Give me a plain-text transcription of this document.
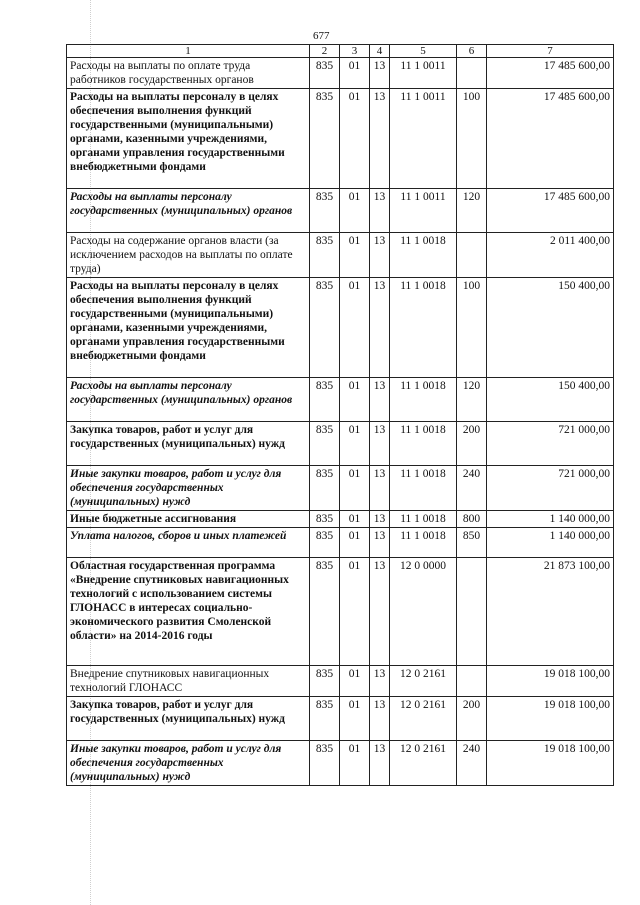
677
1	2	3	4	5	6	7
Расходы на выплаты по оплате труда работников государственных органов	835	01	13	11 1 0011		17 485 600,00
Расходы на выплаты персоналу в целях обеспечения выполнения функций государственными (муниципальными) органами, казенными учреждениями, органами управления государственными внебюджетными фондами	835	01	13	11 1 0011	100	17 485 600,00
Расходы на выплаты персоналу государственных (муниципальных) органов	835	01	13	11 1 0011	120	17 485 600,00
Расходы на содержание органов власти (за исключением расходов на выплаты по оплате труда)	835	01	13	11 1 0018		2 011 400,00
Расходы на выплаты персоналу в целях обеспечения выполнения функций государственными (муниципальными) органами, казенными учреждениями, органами управления государственными внебюджетными фондами	835	01	13	11 1 0018	100	150 400,00
Расходы на выплаты персоналу государственных (муниципальных) органов	835	01	13	11 1 0018	120	150 400,00
Закупка товаров, работ и услуг для государственных (муниципальных) нужд	835	01	13	11 1 0018	200	721 000,00
Иные закупки товаров, работ и услуг для обеспечения государственных (муниципальных) нужд	835	01	13	11 1 0018	240	721 000,00
Иные бюджетные ассигнования	835	01	13	11 1 0018	800	1 140 000,00
Уплата налогов, сборов и иных платежей	835	01	13	11 1 0018	850	1 140 000,00
Областная государственная программа «Внедрение спутниковых навигационных технологий с использованием системы ГЛОНАСС в интересах социально-экономического развития Смоленской области» на 2014-2016 годы	835	01	13	12 0 0000		21 873 100,00
Внедрение спутниковых навигационных технологий ГЛОНАСС	835	01	13	12 0 2161		19 018 100,00
Закупка товаров, работ и услуг для государственных (муниципальных) нужд	835	01	13	12 0 2161	200	19 018 100,00
Иные закупки товаров, работ и услуг для обеспечения государственных (муниципальных) нужд	835	01	13	12 0 2161	240	19 018 100,00
